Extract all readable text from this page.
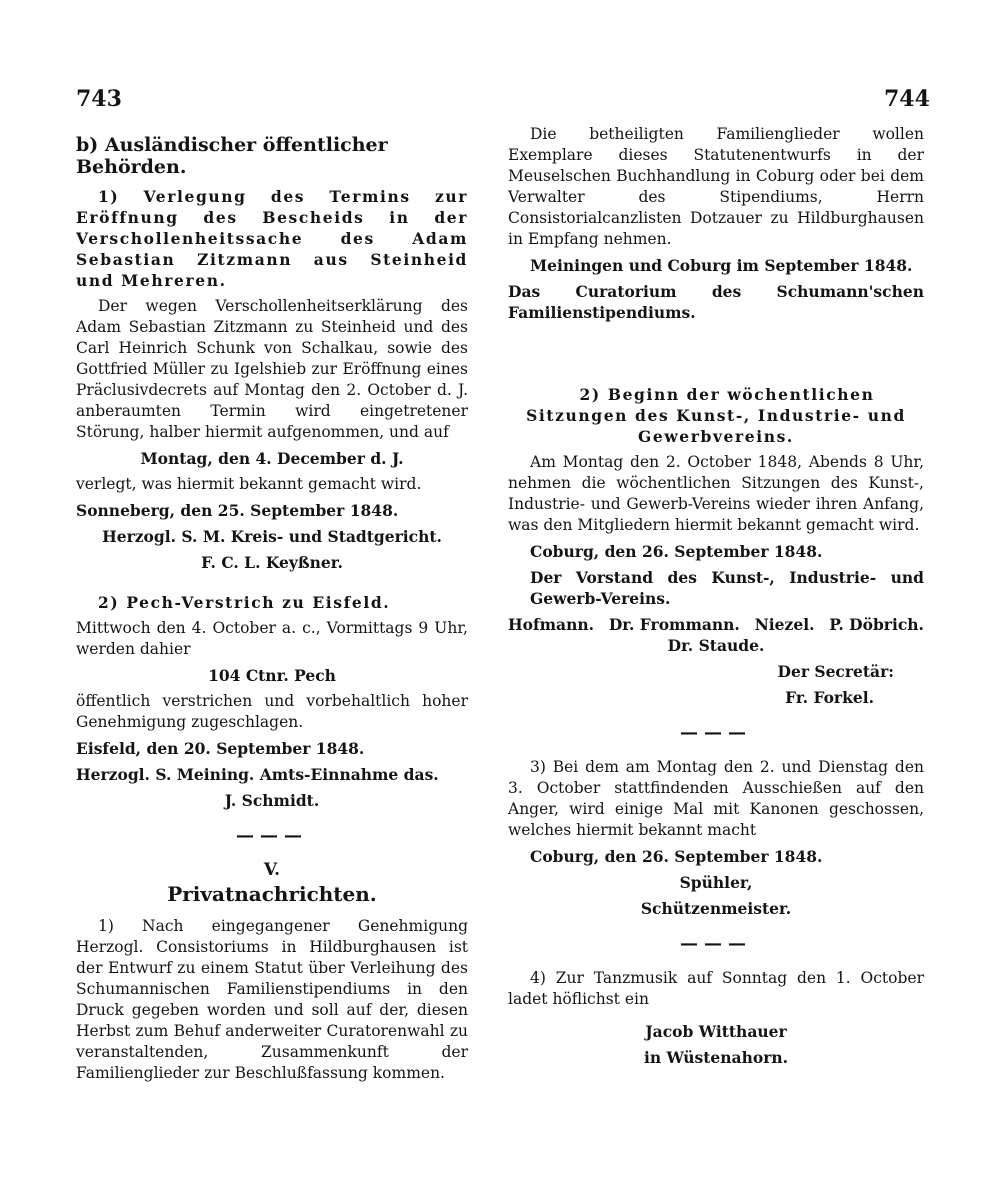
743	744
b) Ausländischer öffentlicher Behörden.

1) Verlegung des Termins zur Eröffnung des Bescheids in der Verschollenheitssache des Adam Sebastian Zitzmann aus Steinheid und Mehreren.

Der wegen Verschollenheitserklärung des Adam Sebastian Zitzmann zu Steinheid und des Carl Heinrich Schunk von Schalkau, sowie des Gottfried Müller zu Igelshieb zur Eröffnung eines Präclusivdecrets auf Montag den 2. October d. J. anberaumten Termin wird eingetretener Störung, halber hiermit aufgenommen, und auf

Montag, den 4. December d. J.

verlegt, was hiermit bekannt gemacht wird.

Sonneberg, den 25. September 1848.

Herzogl. S. M. Kreis- und Stadtgericht.

F. C. L. Keyßner.

2) Pech-Verstrich zu Eisfeld.

Mittwoch den 4. October a. c., Vormittags 9 Uhr, werden dahier

104 Ctnr. Pech

öffentlich verstrichen und vorbehaltlich hoher Genehmigung zugeschlagen.

Eisfeld, den 20. September 1848.

Herzogl. S. Meining. Amts-Einnahme das.

J. Schmidt.

———

V.

Privatnachrichten.

1) Nach eingegangener Genehmigung Herzogl. Consistoriums in Hildburghausen ist der Entwurf zu einem Statut über Verleihung des Schumannischen Familienstipendiums in den Druck gegeben worden und soll auf der, diesen Herbst zum Behuf anderweiter Curatorenwahl zu veranstaltenden, Zusammenkunft der Familienglieder zur Beschlußfassung kommen.

Die betheiligten Familienglieder wollen Exemplare dieses Statutenentwurfs in der Meuselschen Buchhandlung in Coburg oder bei dem Verwalter des Stipendiums, Herrn Consistorialcanzlisten Dotzauer zu Hildburghausen in Empfang nehmen.

Meiningen und Coburg im September 1848.

Das Curatorium des Schumann'schen Familienstipendiums.

2) Beginn der wöchentlichen Sitzungen des Kunst-, Industrie- und Gewerbvereins.

Am Montag den 2. October 1848, Abends 8 Uhr, nehmen die wöchentlichen Sitzungen des Kunst-, Industrie- und Gewerb-Vereins wieder ihren Anfang, was den Mitgliedern hiermit bekannt gemacht wird.

Coburg, den 26. September 1848.

Der Vorstand des Kunst-, Industrie- und Gewerb-Vereins.

Hofmann. Dr. Frommann. Niezel. P. Döbrich.

Dr. Staude.

Der Secretär:

Fr. Forkel.

———

3) Bei dem am Montag den 2. und Dienstag den 3. October stattfindenden Ausschießen auf den Anger, wird einige Mal mit Kanonen geschossen, welches hiermit bekannt macht

Coburg, den 26. September 1848.

Spühler,

Schützenmeister.

———

4) Zur Tanzmusik auf Sonntag den 1. October ladet höflichst ein

Jacob Witthauer

in Wüstenahorn.
